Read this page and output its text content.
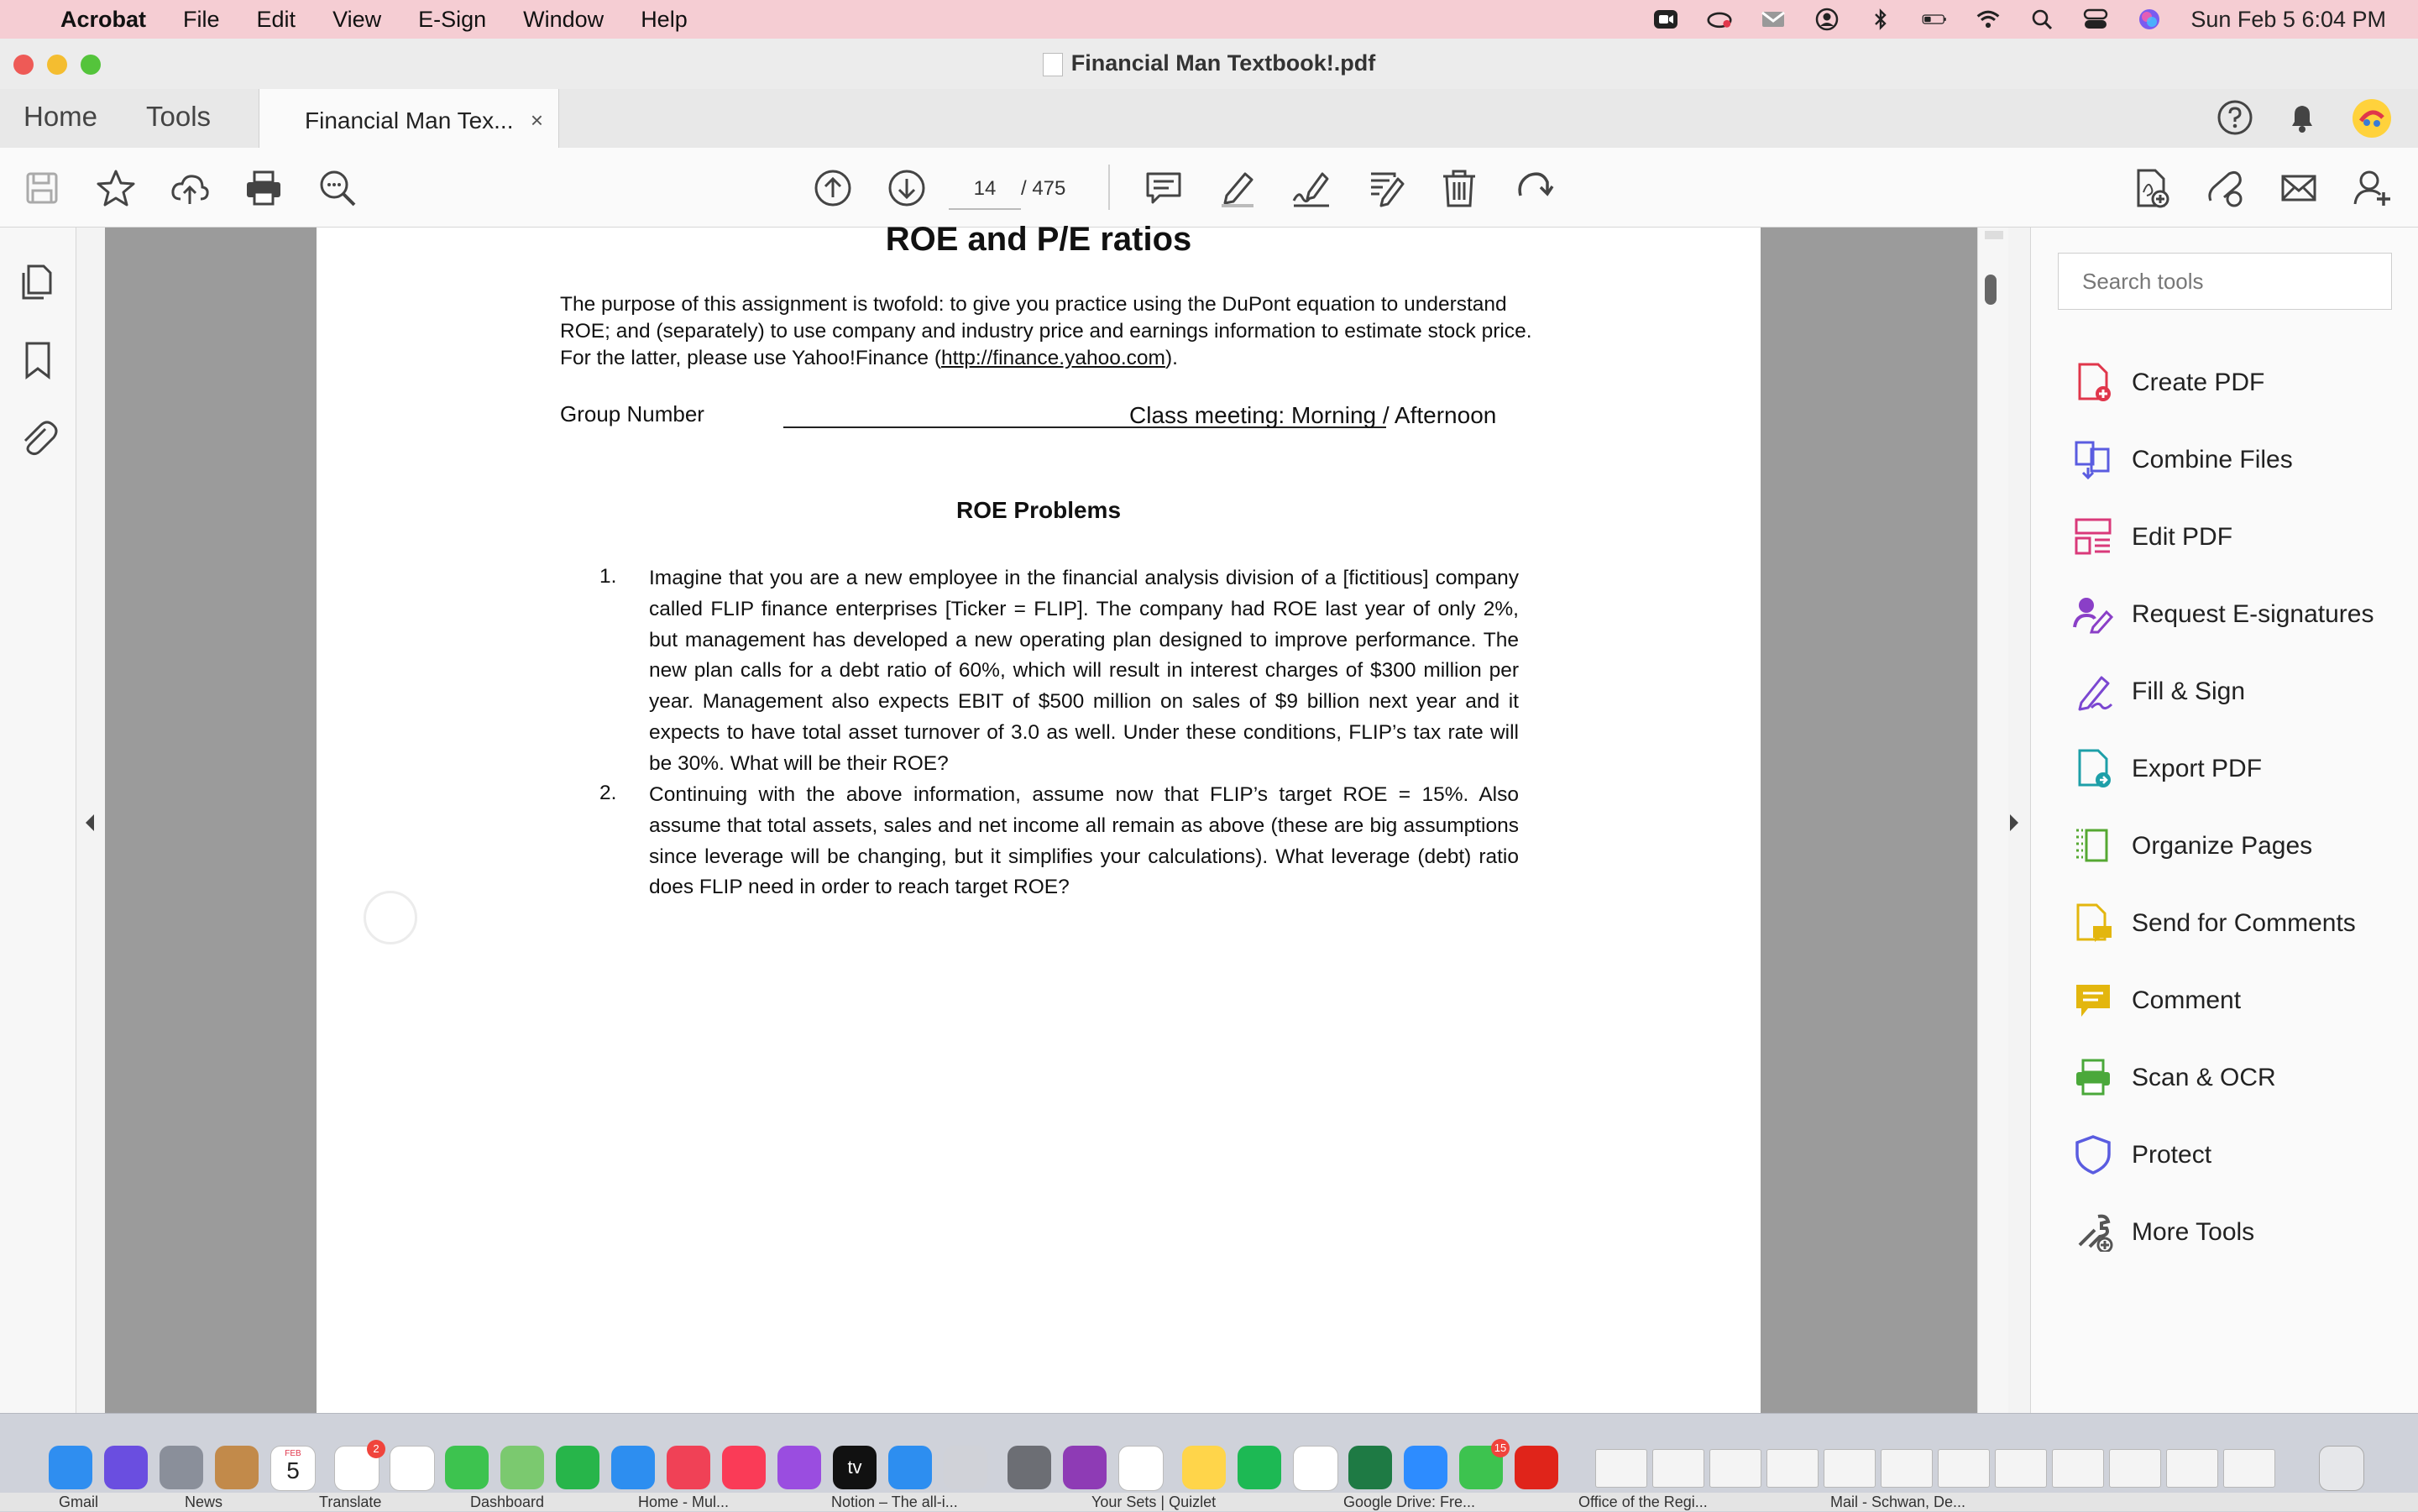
Acrobat File Edit View E-Sign Window Help	Sun Feb 5 6:04 PM
Financial Man Textbook!.pdf
Home Tools	Financial Man Tex... ×
14	/ 475
ROE and P/E ratios
The purpose of this assignment is twofold: to give you practice using the DuPont equation to understand
ROE; and (separately) to use company and industry price and earnings information to estimate stock price.
For the latter, please use Yahoo!Finance (http://finance.yahoo.com).
Group Number	Class meeting: Morning / Afternoon
ROE Problems
1. Imagine that you are a new employee in the financial analysis division of a [fictitious] company called FLIP finance enterprises [Ticker = FLIP]. The company had ROE last year of only 2%, but management has developed a new operating plan designed to improve performance. The new plan calls for a debt ratio of 60%, which will result in interest charges of $300 million per year. Management also expects EBIT of $500 million on sales of $9 billion next year and it expects to have total asset turnover of 3.0 as well. Under these conditions, FLIP’s tax rate will be 30%. What will be their ROE?
2. Continuing with the above information, assume now that FLIP’s target ROE = 15%. Also assume that total assets, sales and net income all remain as above (these are big assumptions since leverage will be changing, but it simplifies your calculations). What leverage (debt) ratio does FLIP need in order to reach target ROE?
Search tools
Create PDF
Combine Files
Edit PDF
Request E-signatures
Fill & Sign
Export PDF
Organize Pages
Send for Comments
Comment
Scan & OCR
Protect
More Tools
FEB
5
2
tv
15
Gmail	News	Translate	Dashboard	Home - Mul...	Notion – The all-i...	Your Sets | Quizlet	Google Drive: Fre...	Office of the Regi...	Mail - Schwan, De...
